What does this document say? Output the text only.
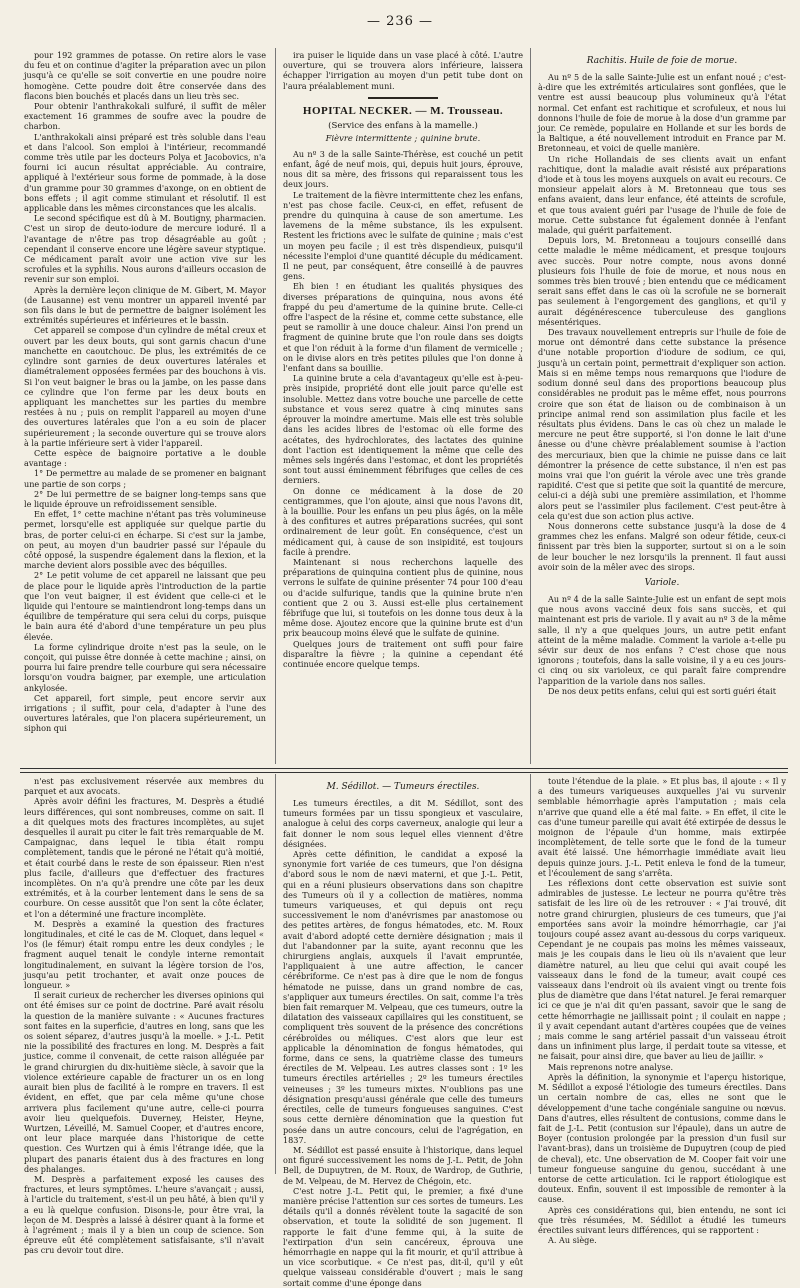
— 236 —

pour 192 grammes de potasse. On retire alors le vase du feu et on continue d'agiter la préparation avec un pilon jusqu'à ce qu'elle se soit convertie en une poudre noire homogène. Cette poudre doit être conservée dans des flacons bien bouchés et placés dans un lieu très sec.

Pour obtenir l'anthrakokali sulfuré, il suffit de mêler exactement 16 grammes de soufre avec la poudre de charbon.

L'anthrakokali ainsi préparé est très soluble dans l'eau et dans l'alcool. Son emploi à l'intérieur, recommandé comme très utile par les docteurs Polya et Jacobovics, n'a fourni ici aucun résultat appréciable. Au contraire, appliqué à l'extérieur sous forme de pommade, à la dose d'un gramme pour 30 grammes d'axonge, on en obtient de bons effets ; il agit comme stimulant et résolutif. Il est applicable dans les mêmes circonstances que les alcalis.

Le second spécifique est dû à M. Boutigny, pharmacien. C'est un sirop de deuto-iodure de mercure ioduré. Il a l'avantage de n'être pas trop désagréable au goût ; cependant il conserve encore une légère saveur styptique. Ce médicament paraît avoir une action vive sur les scrofules et la syphilis. Nous aurons d'ailleurs occasion de revenir sur son emploi.

Après la dernière leçon clinique de M. Gibert, M. Mayor (de Lausanne) est venu montrer un appareil inventé par son fils dans le but de permettre de baigner isolément les extrémités supérieures et inférieures et le bassin.

Cet appareil se compose d'un cylindre de métal creux et ouvert par les deux bouts, qui sont garnis chacun d'une manchette en caoutchouc. De plus, les extrémités de ce cylindre sont garnies de deux ouvertures latérales et diamétralement opposées fermées par des bouchons à vis. Si l'on veut baigner le bras ou la jambe, on les passe dans ce cylindre que l'on ferme par les deux bouts en appliquant les manchettes sur les parties du membre restées à nu ; puis on remplit l'appareil au moyen d'une des ouvertures latérales que l'on a eu soin de placer supérieurement ; la seconde ouverture qui se trouve alors à la partie inférieure sert à vider l'appareil.

Cette espèce de baignoire portative a le double avantage :

1° De permettre au malade de se promener en baignant une partie de son corps ;

2° De lui permettre de se baigner long-temps sans que le liquide éprouve un refroidissement sensible.

En effet, 1° cette machine n'étant pas très volumineuse permet, lorsqu'elle est appliquée sur quelque partie du bras, de porter celui-ci en écharpe. Si c'est sur la jambe, on peut, au moyen d'un baudrier passé sur l'épaule du côté opposé, la suspendre également dans la flexion, et la marche devient alors possible avec des béquilles.

2° Le petit volume de cet appareil ne laissant que peu de place pour le liquide après l'introduction de la partie que l'on veut baigner, il est évident que celle-ci et le liquide qui l'entoure se maintiendront long-temps dans un équilibre de température qui sera celui du corps, puisque le bain aura été d'abord d'une température un peu plus élevée.

La forme cylindrique droite n'est pas la seule, on le conçoit, qui puisse être donnée à cette machine ; ainsi, on pourra lui faire prendre telle courbure qui sera nécessaire lorsqu'on voudra baigner, par exemple, une articulation ankylosée.

Cet appareil, fort simple, peut encore servir aux irrigations ; il suffit, pour cela, d'adapter à l'une des ouvertures latérales, que l'on placera supérieurement, un siphon qui

ira puiser le liquide dans un vase placé à côté. L'autre ouverture, qui se trouvera alors inférieure, laissera échapper l'irrigation au moyen d'un petit tube dont on l'aura préalablement muni.

HOPITAL NECKER. — M. Trousseau.
(Service des enfans à la mamelle.)
Fièvre intermittente ; quinine brute.

Au nº 3 de la salle Sainte-Thérèse, est couché un petit enfant, âgé de neuf mois, qui, depuis huit jours, éprouve, nous dit sa mère, des frissons qui reparaissent tous les deux jours.

Le traitement de la fièvre intermittente chez les enfans, n'est pas chose facile. Ceux-ci, en effet, refusent de prendre du quinquina à cause de son amertume. Les lavemens de la même substance, ils les expulsent. Restent les frictions avec le sulfate de quinine ; mais c'est un moyen peu facile ; il est très dispendieux, puisqu'il nécessite l'emploi d'une quantité décuple du médicament. Il ne peut, par conséquent, être conseillé à de pauvres gens.

Eh bien ! en étudiant les qualités physiques des diverses préparations de quinquina, nous avons été frappé du peu d'amertume de la quinine brute. Celle-ci offre l'aspect de la résine et, comme cette substance, elle peut se ramollir à une douce chaleur. Ainsi l'on prend un fragment de quinine brute que l'on roule dans ses doigts et que l'on réduit à la forme d'un filament de vermicelle ; on le divise alors en très petites pilules que l'on donne à l'enfant dans sa bouillie.

La quinine brute a cela d'avantageux qu'elle est à-peu-près insipide, propriété dont elle jouit parce qu'elle est insoluble. Mettez dans votre bouche une parcelle de cette substance et vous serez quatre à cinq minutes sans éprouver la moindre amertume. Mais elle est très soluble dans les acides libres de l'estomac où elle forme des acétates, des hydrochlorates, des lactates des quinine dont l'action est identiquement la même que celle des mêmes sels ingérés dans l'estomac, et dont les propriétés sont tout aussi éminemment fébrifuges que celles de ces derniers.

On donne ce médicament à la dose de 20 centigrammes, que l'on ajoute, ainsi que nous l'avons dit, à la bouillie. Pour les enfans un peu plus âgés, on la mêle à des confitures et autres préparations sucrées, qui sont ordinairement de leur goût. En conséquence, c'est un médicament qui, à cause de son insipidité, est toujours facile à prendre.

Maintenant si nous recherchons laquelle des préparations de quinquina contient plus de quinine, nous verrons le sulfate de quinine présenter 74 pour 100 d'eau ou d'acide sulfurique, tandis que la quinine brute n'en contient que 2 ou 3. Aussi est-elle plus certainement fébrifuge que lui, si toutefois on les donne tous deux à la même dose. Ajoutez encore que la quinine brute est d'un prix beaucoup moins élevé que le sulfate de quinine.

Quelques jours de traitement ont suffi pour faire disparaître la fièvre ; la quinine a cependant été continuée encore quelque temps.

Rachitis. Huile de foie de morue.

Au nº 5 de la salle Sainte-Julie est un enfant noué ; c'est-à-dire que les extrémités articulaires sont gonflées, que le ventre est aussi beaucoup plus volumineux qu'à l'état normal. Cet enfant est rachitique et scrofuleux, et nous lui donnons l'huile de foie de morue à la dose d'un gramme par jour. Ce remède, populaire en Hollande et sur les bords de la Baltique, a été nouvellement introduit en France par M. Bretonneau, et voici de quelle manière.

Un riche Hollandais de ses clients avait un enfant rachitique, dont la maladie avait résisté aux préparations d'iode et à tous les moyens auxquels on avait eu recours. Ce monsieur appelait alors à M. Bretonneau que tous ses enfans avaient, dans leur enfance, été atteints de scrofule, et que tous avaient guéri par l'usage de l'huile de foie de morue. Cette substance fut également donnée à l'enfant malade, qui guérit parfaitement.

Depuis lors, M. Bretonneau a toujours conseillé dans cette maladie le même médicament, et presque toujours avec succès. Pour notre compte, nous avons donné plusieurs fois l'huile de foie de morue, et nous nous en sommes très bien trouvé ; bien entendu que ce médicament serait sans effet dans le cas où la scrofule ne se bornerait pas seulement à l'engorgement des ganglions, et qu'il y aurait dégénérescence tuberculeuse des ganglions mésentériques.

Des travaux nouvellement entrepris sur l'huile de foie de morue ont démontré dans cette substance la présence d'une notable proportion d'iodure de sodium, ce qui, jusqu'à un certain point, permettrait d'expliquer son action. Mais si en même temps nous remarquons que l'iodure de sodium donné seul dans des proportions beaucoup plus considérables ne produit pas le même effet, nous pourrons croire que son état de liaison ou de combinaison à un principe animal rend son assimilation plus facile et les résultats plus évidens. Dans le cas où chez un malade le mercure ne peut être supporté, si l'on donne le lait d'une ânesse ou d'une chèvre préalablement soumise à l'action des mercuriaux, bien que la chimie ne puisse dans ce lait démontrer la présence de cette substance, il n'en est pas moins vrai que l'on guérit la vérole avec une très grande rapidité. C'est que si petite que soit la quantité de mercure, celui-ci a déjà subi une première assimilation, et l'homme alors peut se l'assimiler plus facilement. C'est peut-être à cela qu'est due son action plus active.

Nous donnerons cette substance jusqu'à la dose de 4 grammes chez les enfans. Malgré son odeur fétide, ceux-ci finissent par très bien la supporter, surtout si on a le soin de leur boucher le nez lorsqu'ils la prennent. Il faut aussi avoir soin de la mêler avec des sirops.

Variole.

Au nº 4 de la salle Sainte-Julie est un enfant de sept mois que nous avons vacciné deux fois sans succès, et qui maintenant est pris de variole. Il y avait au nº 3 de la même salle, il n'y a que quelques jours, un autre petit enfant atteint de la même maladie. Comment la variole a-t-elle pu sévir sur deux de nos enfans ? C'est chose que nous ignorons ; toutefois, dans la salle voisine, il y a eu ces jours-ci cinq ou six varioleux, ce qui paraît faire comprendre l'apparition de la variole dans nos salles.

De nos deux petits enfans, celui qui est sorti guéri était

n'est pas exclusivement réservée aux membres du parquet et aux avocats.

Après avoir défini les fractures, M. Desprès a étudié leurs différences, qui sont nombreuses, comme on sait. Il a dit quelques mots des fractures incomplètes, au sujet desquelles il aurait pu citer le fait très remarquable de M. Campaignac, dans lequel le tibia était rompu complètement, tandis que le péroné ne l'était qu'à moitié, et était courbé dans le reste de son épaisseur. Rien n'est plus facile, d'ailleurs que d'effectuer des fractures incomplètes. On n'a qu'à prendre une côte par les deux extrémités, et à la courber lentement dans le sens de sa courbure. On cesse aussitôt que l'on sent la côte éclater, et l'on a déterminé une fracture incomplète.

M. Desprès a examiné la question des fractures longitudinales, et cité le cas de M. Cloquet, dans lequel « l'os (le fémur) était rompu entre les deux condyles ; le fragment auquel tenait le condyle interne remontait longitudinalement, en suivant la légère torsion de l'os, jusqu'au petit trochanter, et avait onze pouces de longueur. »

Il serait curieux de rechercher les diverses opinions qui ont été émises sur ce point de doctrine. Paré avait résolu la question de la manière suivante : « Aucunes fractures sont faites en la superficie, d'autres en long, sans que les os soient séparez, d'autres jusqu'à la moelle. » J.-L. Petit nie la possibilité des fractures en long. M. Desprès a fait justice, comme il convenait, de cette raison alléguée par le grand chirurgien du dix-huitième siècle, à savoir que la violence extérieure capable de fracturer un os en long aurait bien plus de facilité à le rompre en travers. Il est évident, en effet, que par cela même qu'une chose arrivera plus facilement qu'une autre, celle-ci pourra avoir lieu quelquefois. Duverney, Heister, Heyne, Wurtzen, Léveillé, M. Samuel Cooper, et d'autres encore, ont leur place marquée dans l'historique de cette question. Ces Wurtzen qui à émis l'étrange idée, que la plupart des panaris étaient dus à des fractures en long des phalanges.

M. Desprès a parfaitement exposé les causes des fractures, et leurs symptômes. L'heure s'avançait ; aussi, à l'article du traitement, s'est-il un peu hâté, à bien qu'il y a eu là quelque confusion. Disons-le, pour être vrai, la leçon de M. Desprès a laissé à désirer quant à la forme et à l'agrément ; mais il y a bien un coup de science. Son épreuve eût été complètement satisfaisante, s'il n'avait pas cru devoir tout dire.

M. Sédillot. — Tumeurs érectiles.

Les tumeurs érectiles, a dit M. Sédillot, sont des tumeurs formées par un tissu spongieux et vasculaire, analogue à celui des corps caverneux, analogie qui leur a fait donner le nom sous lequel elles viennent d'être désignées.

Après cette définition, le candidat a exposé la synonymie fort variée de ces tumeurs, que l'on désigna d'abord sous le nom de nævi materni, et que J.-L. Petit, qui en a réuni plusieurs observations dans son chapitre des Tumeurs où il y a collection de matières, nomma tumeurs variqueuses, et qui depuis ont reçu successivement le nom d'anévrismes par anastomose ou des petites artères, de fongus hématodes, etc. M. Roux avait d'abord adopté cette dernière désignation ; mais il dut l'abandonner par la suite, ayant reconnu que les chirurgiens anglais, auxquels il l'avait empruntée, l'appliquaient à une autre affection, le cancer cérébriforme. Ce n'est pas à dire que le nom de fongus hématode ne puisse, dans un grand nombre de cas, s'appliquer aux tumeurs érectiles. On sait, comme l'a très bien fait remarquer M. Velpeau, que ces tumeurs, outre la dilatation des vaisseaux capillaires qui les constituent, se compliquent très souvent de la présence des concrétions cérébroïdes ou méliques. C'est alors que leur est applicable la dénomination de fongus hématodes, qui forme, dans ce sens, la quatrième classe des tumeurs érectiles de M. Velpeau. Les autres classes sont : 1º les tumeurs érectiles artérielles ; 2º les tumeurs érectiles veineuses ; 3º les tumeurs mixtes. N'oublions pas une désignation presqu'aussi générale que celle des tumeurs érectiles, celle de tumeurs fongueuses sanguines. C'est sous cette dernière dénomination que la question fut posée dans un autre concours, celui de l'agrégation, en 1837.

M. Sédillot est passé ensuite à l'historique, dans lequel ont figuré successivement les noms de J.-L. Petit, de John Bell, de Dupuytren, de M. Roux, de Wardrop, de Guthrie, de M. Velpeau, de M. Hervez de Chégoin, etc.

C'est notre J.-L. Petit qui, le premier, a fixé d'une manière précise l'attention sur ces sortes de tumeurs. Les détails qu'il a donnés révèlent toute la sagacité de son observation, et toute la solidité de son jugement. Il rapporte le fait d'une femme qui, à la suite de l'extirpation d'un sein cancéreux, éprouva une hémorrhagie en nappe qui la fit mourir, et qu'il attribue à un vice scorbutique. « Ce n'est pas, dit-il, qu'il y eût quelque vaisseau considérable d'ouvert ; mais le sang sortait comme d'une éponge dans

toute l'étendue de la plaie. » Et plus bas, il ajoute : « Il y a des tumeurs variqueuses auxquelles j'ai vu survenir semblable hémorrhagie après l'amputation ; mais cela n'arrive que quand elle a été mal faite. » En effet, il cite le cas d'une tumeur pareille qui avait été extirpée de dessus le moignon de l'épaule d'un homme, mais extirpée incomplètement, de telle sorte que le fond de la tumeur avait été laissé. Une hémorrhagie immédiate avait lieu depuis quinze jours. J.-L. Petit enleva le fond de la tumeur, et l'écoulement de sang s'arrêta.

Les réflexions dont cette observation est suivie sont admirables de justesse. Le lecteur ne pourra qu'être très satisfait de les lire où de les retrouver : « J'ai trouvé, dit notre grand chirurgien, plusieurs de ces tumeurs, que j'ai emportées sans avoir la moindre hémorrhagie, car j'ai toujours coupé assez avant au-dessous du corps variqueux. Cependant je ne coupais pas moins les mêmes vaisseaux, mais je les coupais dans le lieu où ils n'avaient que leur diamètre naturel, au lieu que celui qui avait coupé les vaisseaux dans le fond de la tumeur, avait coupé ces vaisseaux dans l'endroit où ils avaient vingt ou trente fois plus de diamètre que dans l'état naturel. Je ferai remarquer ici ce que je n'ai dit qu'en passant, savoir que le sang de cette hémorrhagie ne jaillissait point ; il coulait en nappe ; il y avait cependant autant d'artères coupées que de veines ; mais comme le sang artériel passait d'un vaisseau étroit dans un infiniment plus large, il perdait toute sa vitesse, et ne faisait, pour ainsi dire, que baver au lieu de jaillir. »

Mais reprenons notre analyse.

Après la définition, la synonymie et l'aperçu historique, M. Sédillot a exposé l'étiologie des tumeurs érectiles. Dans un certain nombre de cas, elles ne sont que le développement d'une tache congéniale sanguine ou nœvus. Dans d'autres, elles résultent de contusions, comme dans le fait de J.-L. Petit (contusion sur l'épaule), dans un autre de Boyer (contusion prolongée par la pression d'un fusil sur l'avant-bras), dans un troisième de Dupuytren (coup de pied de cheval), etc. Une observation de M. Cooper fait voir une tumeur fongueuse sanguine du genou, succédant à une entorse de cette articulation. Ici le rapport étiologique est douteux. Enfin, souvent il est impossible de remonter à la cause.

Après ces considérations qui, bien entendu, ne sont ici que très résumées, M. Sédillot a étudié les tumeurs érectiles suivant leurs différences, qui se rapportent :

A. Au siège.
